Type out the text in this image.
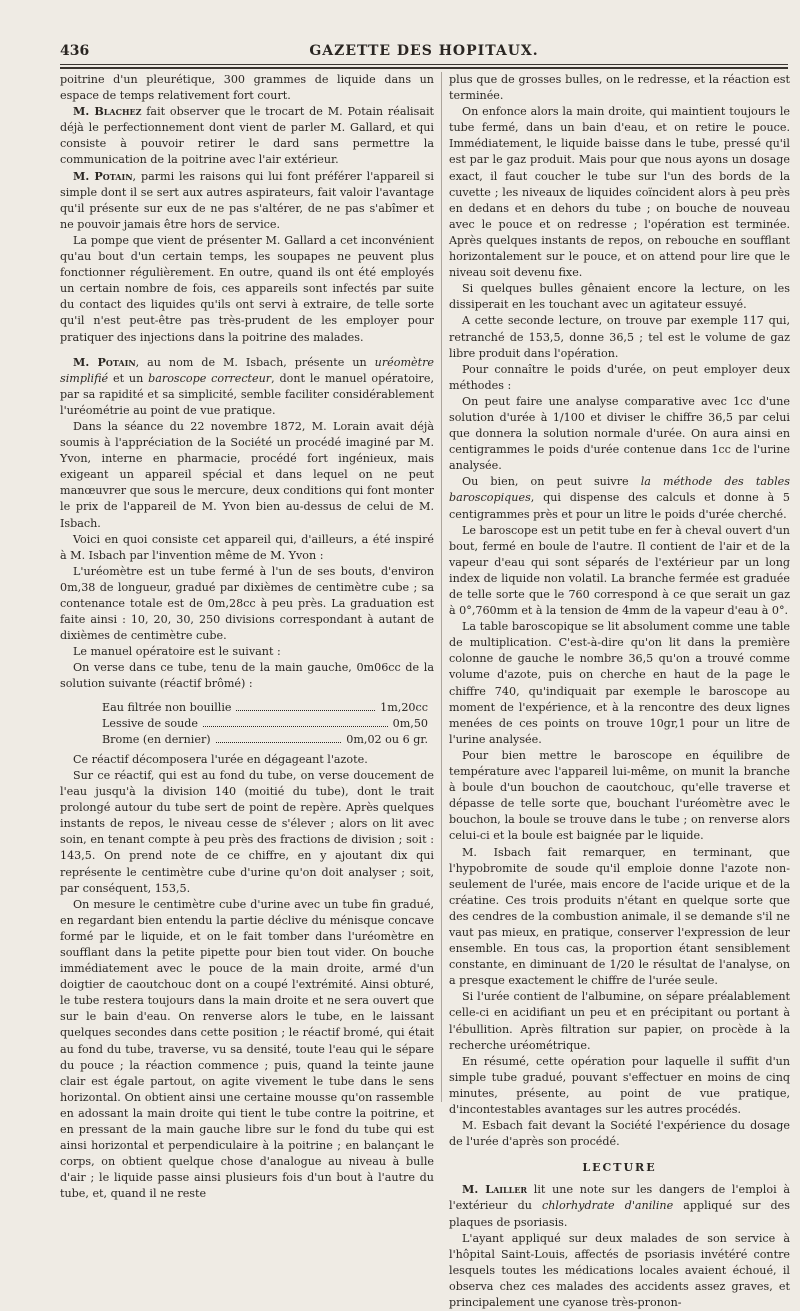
436	GAZETTE DES HOPITAUX.

poitrine d'un pleurétique, 300 grammes de liquide dans un espace de temps relativement fort court.

M. Blachez fait observer que le trocart de M. Potain réalisait déjà le perfectionnement dont vient de parler M. Gallard, et qui consiste à pouvoir retirer le dard sans permettre la communication de la poitrine avec l'air extérieur.

M. Potain, parmi les raisons qui lui font préférer l'appareil si simple dont il se sert aux autres aspirateurs, fait valoir l'avantage qu'il présente sur eux de ne pas s'altérer, de ne pas s'abîmer et ne pouvoir jamais être hors de service.

La pompe que vient de présenter M. Gallard a cet inconvénient qu'au bout d'un certain temps, les soupapes ne peuvent plus fonctionner régulièrement. En outre, quand ils ont été employés un certain nombre de fois, ces appareils sont infectés par suite du contact des liquides qu'ils ont servi à extraire, de telle sorte qu'il n'est peut-être pas très-prudent de les employer pour pratiquer des injections dans la poitrine des malades.

M. Potain, au nom de M. Isbach, présente un uréomètre simplifié et un baroscope correcteur, dont le manuel opératoire, par sa rapidité et sa simplicité, semble faciliter considérablement l'uréométrie au point de vue pratique.

Dans la séance du 22 novembre 1872, M. Lorain avait déjà soumis à l'appréciation de la Société un procédé imaginé par M. Yvon, interne en pharmacie, procédé fort ingénieux, mais exigeant un appareil spécial et dans lequel on ne peut manœuvrer que sous le mercure, deux conditions qui font monter le prix de l'appareil de M. Yvon bien au-dessus de celui de M. Isbach.

Voici en quoi consiste cet appareil qui, d'ailleurs, a été inspiré à M. Isbach par l'invention même de M. Yvon :

L'uréomètre est un tube fermé à l'un de ses bouts, d'environ 0m,38 de longueur, gradué par dixièmes de centimètre cube ; sa contenance totale est de 0m,28cc à peu près. La graduation est faite ainsi : 10, 20, 30, 250 divisions correspondant à autant de dixièmes de centimètre cube.

Le manuel opératoire est le suivant :

On verse dans ce tube, tenu de la main gauche, 0m06cc de la solution suivante (réactif brômé) :

Eau filtrée non bouillie	1m,20cc
Lessive de soude	0m,50
Brome (en dernier)	0m,02 ou 6 gr.

Ce réactif décomposera l'urée en dégageant l'azote.

Sur ce réactif, qui est au fond du tube, on verse doucement de l'eau jusqu'à la division 140 (moitié du tube), dont le trait prolongé autour du tube sert de point de repère. Après quelques instants de repos, le niveau cesse de s'élever ; alors on lit avec soin, en tenant compte à peu près des fractions de division ; soit : 143,5. On prend note de ce chiffre, en y ajoutant dix qui représente le centimètre cube d'urine qu'on doit analyser ; soit, par conséquent, 153,5.

On mesure le centimètre cube d'urine avec un tube fin gradué, en regardant bien entendu la partie déclive du ménisque concave formé par le liquide, et on le fait tomber dans l'uréomètre en soufflant dans la petite pipette pour bien tout vider. On bouche immédiatement avec le pouce de la main droite, armé d'un doigtier de caoutchouc dont on a coupé l'extrémité. Ainsi obturé, le tube restera toujours dans la main droite et ne sera ouvert que sur le bain d'eau. On renverse alors le tube, en le laissant quelques secondes dans cette position ; le réactif bromé, qui était au fond du tube, traverse, vu sa densité, toute l'eau qui le sépare du pouce ; la réaction commence ; puis, quand la teinte jaune clair est égale partout, on agite vivement le tube dans le sens horizontal. On obtient ainsi une certaine mousse qu'on rassemble en adossant la main droite qui tient le tube contre la poitrine, et en pressant de la main gauche libre sur le fond du tube qui est ainsi horizontal et perpendiculaire à la poitrine ; en balançant le corps, on obtient quelque chose d'analogue au niveau à bulle d'air ; le liquide passe ainsi plusieurs fois d'un bout à l'autre du tube, et, quand il ne reste

plus que de grosses bulles, on le redresse, et la réaction est terminée.

On enfonce alors la main droite, qui maintient toujours le tube fermé, dans un bain d'eau, et on retire le pouce. Immédiatement, le liquide baisse dans le tube, pressé qu'il est par le gaz produit. Mais pour que nous ayons un dosage exact, il faut coucher le tube sur l'un des bords de la cuvette ; les niveaux de liquides coïncident alors à peu près en dedans et en dehors du tube ; on bouche de nouveau avec le pouce et on redresse ; l'opération est terminée. Après quelques instants de repos, on rebouche en soufflant horizontalement sur le pouce, et on attend pour lire que le niveau soit devenu fixe.

Si quelques bulles gênaient encore la lecture, on les dissiperait en les touchant avec un agitateur essuyé.

A cette seconde lecture, on trouve par exemple 117 qui, retranché de 153,5, donne 36,5 ; tel est le volume de gaz libre produit dans l'opération.

Pour connaître le poids d'urée, on peut employer deux méthodes :

On peut faire une analyse comparative avec 1cc d'une solution d'urée à 1/100 et diviser le chiffre 36,5 par celui que donnera la solution normale d'urée. On aura ainsi en centigrammes le poids d'urée contenue dans 1cc de l'urine analysée.

Ou bien, on peut suivre la méthode des tables baroscopiques, qui dispense des calculs et donne à 5 centigrammes près et pour un litre le poids d'urée cherché.

Le baroscope est un petit tube en fer à cheval ouvert d'un bout, fermé en boule de l'autre. Il contient de l'air et de la vapeur d'eau qui sont séparés de l'extérieur par un long index de liquide non volatil. La branche fermée est graduée de telle sorte que le 760 correspond à ce que serait un gaz à 0°,760mm et à la tension de 4mm de la vapeur d'eau à 0°.

La table baroscopique se lit absolument comme une table de multiplication. C'est-à-dire qu'on lit dans la première colonne de gauche le nombre 36,5 qu'on a trouvé comme volume d'azote, puis on cherche en haut de la page le chiffre 740, qu'indiquait par exemple le baroscope au moment de l'expérience, et à la rencontre des deux lignes menées de ces points on trouve 10gr,1 pour un litre de l'urine analysée.

Pour bien mettre le baroscope en équilibre de température avec l'appareil lui-même, on munit la branche à boule d'un bouchon de caoutchouc, qu'elle traverse et dépasse de telle sorte que, bouchant l'uréomètre avec le bouchon, la boule se trouve dans le tube ; on renverse alors celui-ci et la boule est baignée par le liquide.

M. Isbach fait remarquer, en terminant, que l'hypobromite de soude qu'il emploie donne l'azote non-seulement de l'urée, mais encore de l'acide urique et de la créatine. Ces trois produits n'étant en quelque sorte que des cendres de la combustion animale, il se demande s'il ne vaut pas mieux, en pratique, conserver l'expression de leur ensemble. En tous cas, la proportion étant sensiblement constante, en diminuant de 1/20 le résultat de l'analyse, on a presque exactement le chiffre de l'urée seule.

Si l'urée contient de l'albumine, on sépare préalablement celle-ci en acidifiant un peu et en précipitant ou portant à l'ébullition. Après filtration sur papier, on procède à la recherche uréométrique.

En résumé, cette opération pour laquelle il suffit d'un simple tube gradué, pouvant s'effectuer en moins de cinq minutes, présente, au point de vue pratique, d'incontestables avantages sur les autres procédés.

M. Esbach fait devant la Société l'expérience du dosage de l'urée d'après son procédé.

LECTURE

M. Lailler lit une note sur les dangers de l'emploi à l'extérieur du chlorhydrate d'aniline appliqué sur des plaques de psoriasis.

L'ayant appliqué sur deux malades de son service à l'hôpital Saint-Louis, affectés de psoriasis invétéré contre lesquels toutes les médications locales avaient échoué, il observa chez ces malades des accidents assez graves, et principalement une cyanose très-pronon-
